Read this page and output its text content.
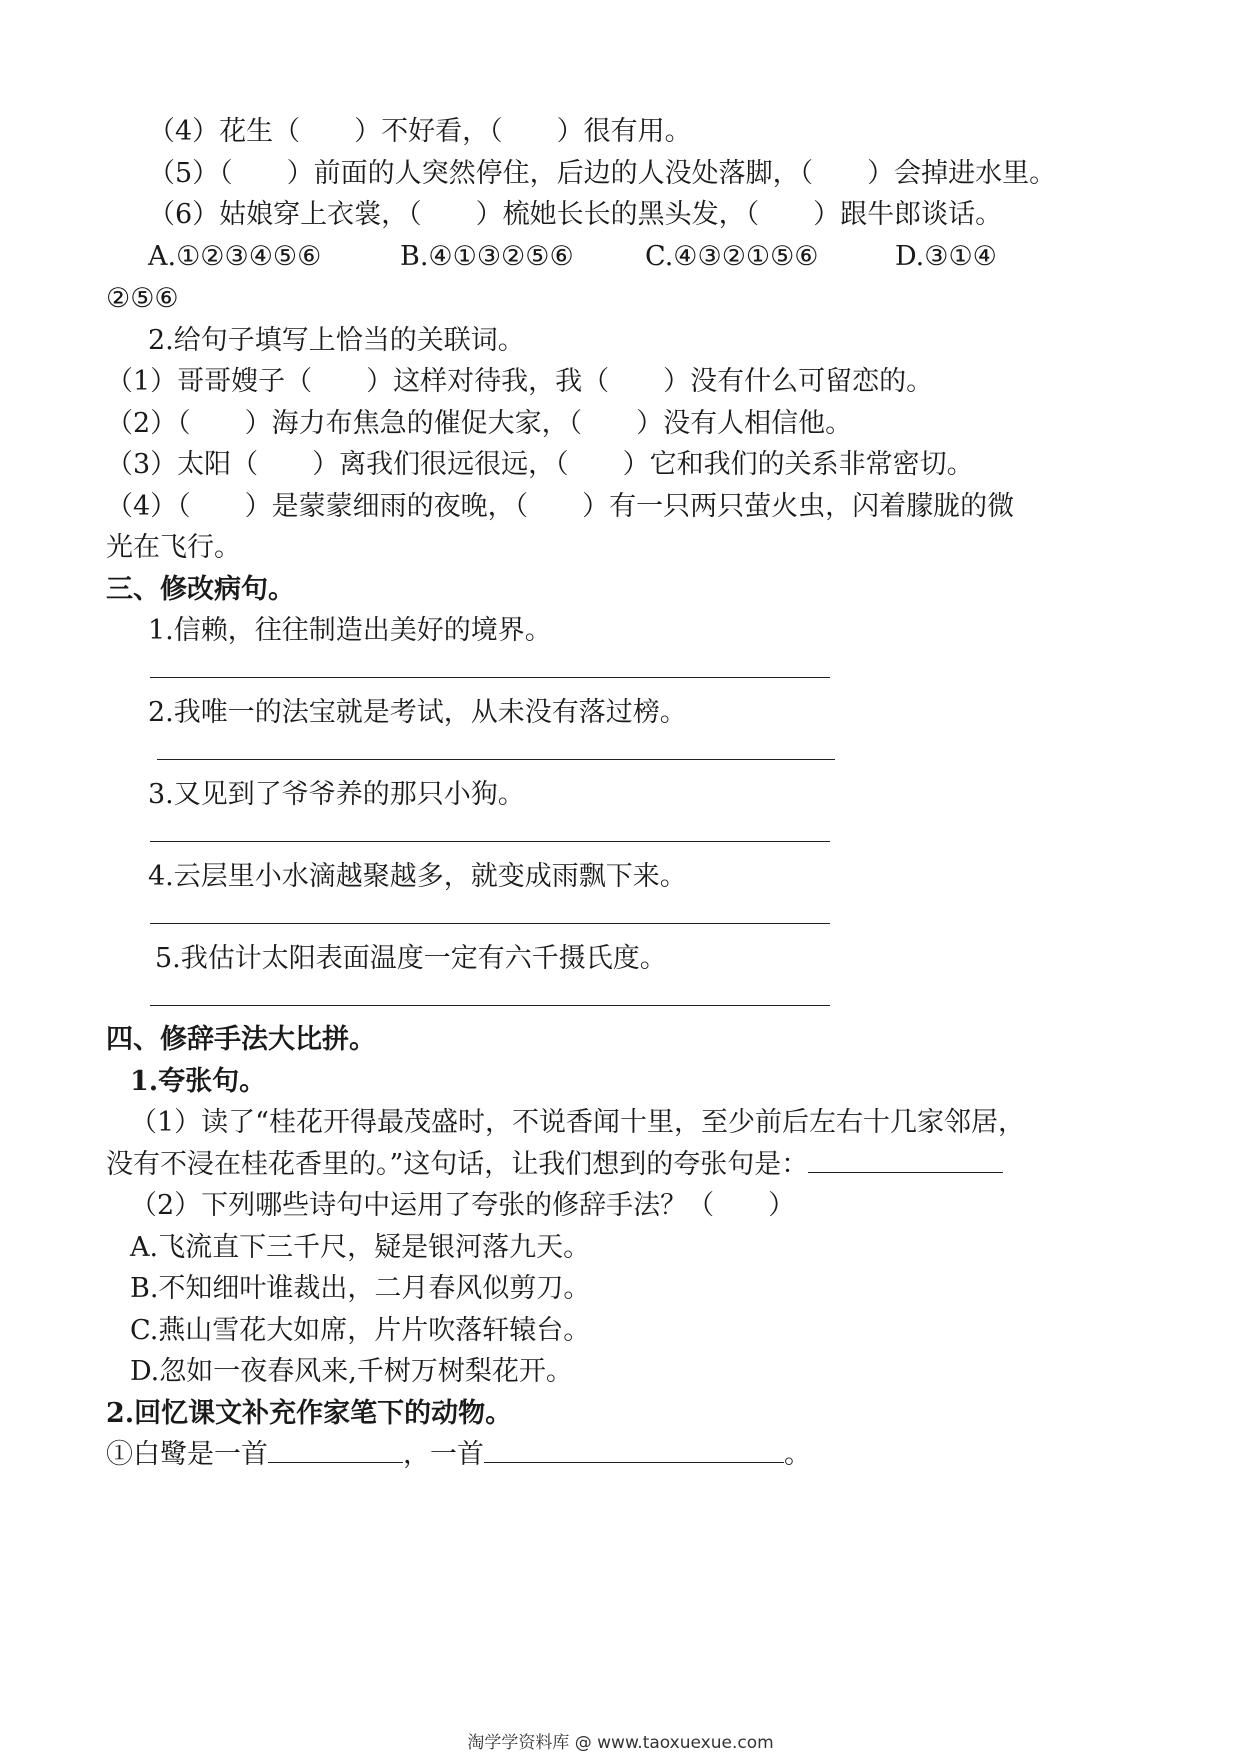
（4）花生（　　）不好看，（　　）很有用。
（5）（　　）前面的人突然停住，后边的人没处落脚，（　　）会掉进水里。
（6）姑娘穿上衣裳，（　　）梳她长长的黑头发，（　　）跟牛郎谈话。
A.①②③④⑤⑥	B.④①③②⑤⑥	C.④③②①⑤⑥	D.③①④
②⑤⑥
2.给句子填写上恰当的关联词。
（1）哥哥嫂子（　　）这样对待我，我（　　）没有什么可留恋的。
（2）（　　）海力布焦急的催促大家，（　　）没有人相信他。
（3）太阳（　　）离我们很远很远，（　　）它和我们的关系非常密切。
（4）（　　）是蒙蒙细雨的夜晚，（　　）有一只两只萤火虫，闪着朦胧的微
光在飞行。
三、修改病句。
1.信赖，往往制造出美好的境界。
2.我唯一的法宝就是考试，从未没有落过榜。
3.又见到了爷爷养的那只小狗。
4.云层里小水滴越聚越多，就变成雨飘下来。
5.我估计太阳表面温度一定有六千摄氏度。
四、修辞手法大比拼。
1.夸张句。
（1）读了“桂花开得最茂盛时，不说香闻十里，至少前后左右十几家邻居，
没有不浸在桂花香里的。”这句话，让我们想到的夸张句是：
（2）下列哪些诗句中运用了夸张的修辞手法？（　　）
A.飞流直下三千尺，疑是银河落九天。
B.不知细叶谁裁出，二月春风似剪刀。
C.燕山雪花大如席，片片吹落轩辕台。
D.忽如一夜春风来,千树万树梨花开。
2.回忆课文补充作家笔下的动物。
①白鹭是一首	，一首	。
淘学学资料库 @ www.taoxuexue.com
